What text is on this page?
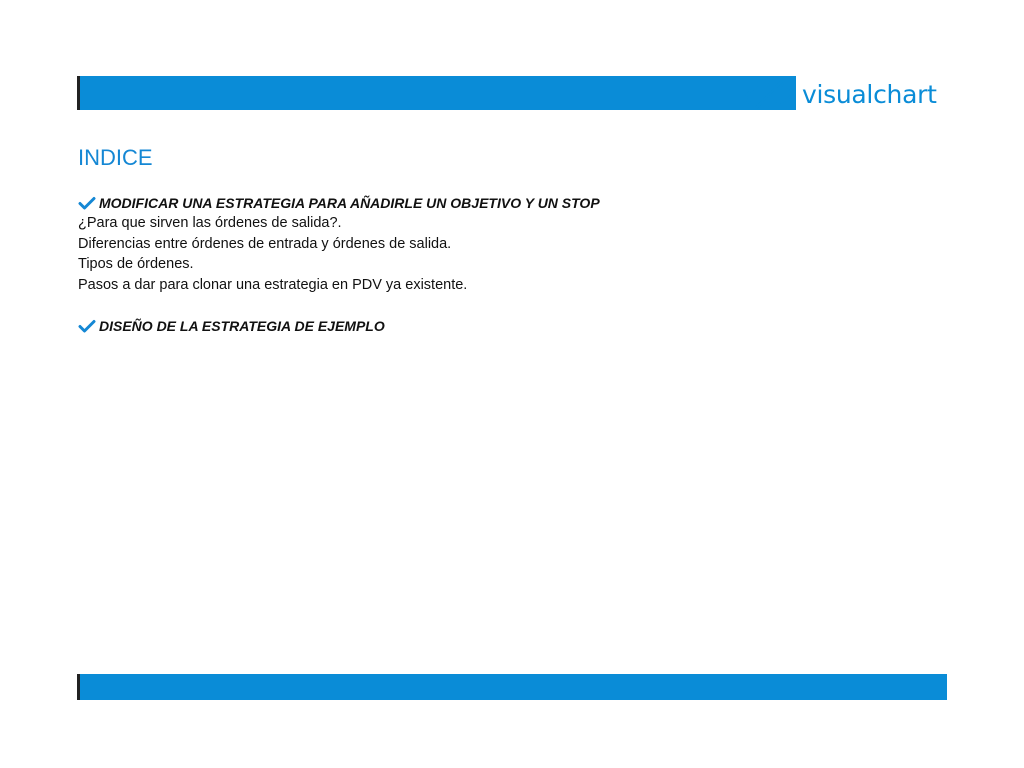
visualchart
INDICE
MODIFICAR UNA ESTRATEGIA PARA AÑADIRLE UN OBJETIVO Y UN STOP
¿Para que sirven las órdenes de salida?.
Diferencias entre órdenes de entrada y órdenes de salida.
Tipos de órdenes.
Pasos a dar para clonar una estrategia en PDV ya existente.
DISEÑO DE LA ESTRATEGIA DE EJEMPLO
